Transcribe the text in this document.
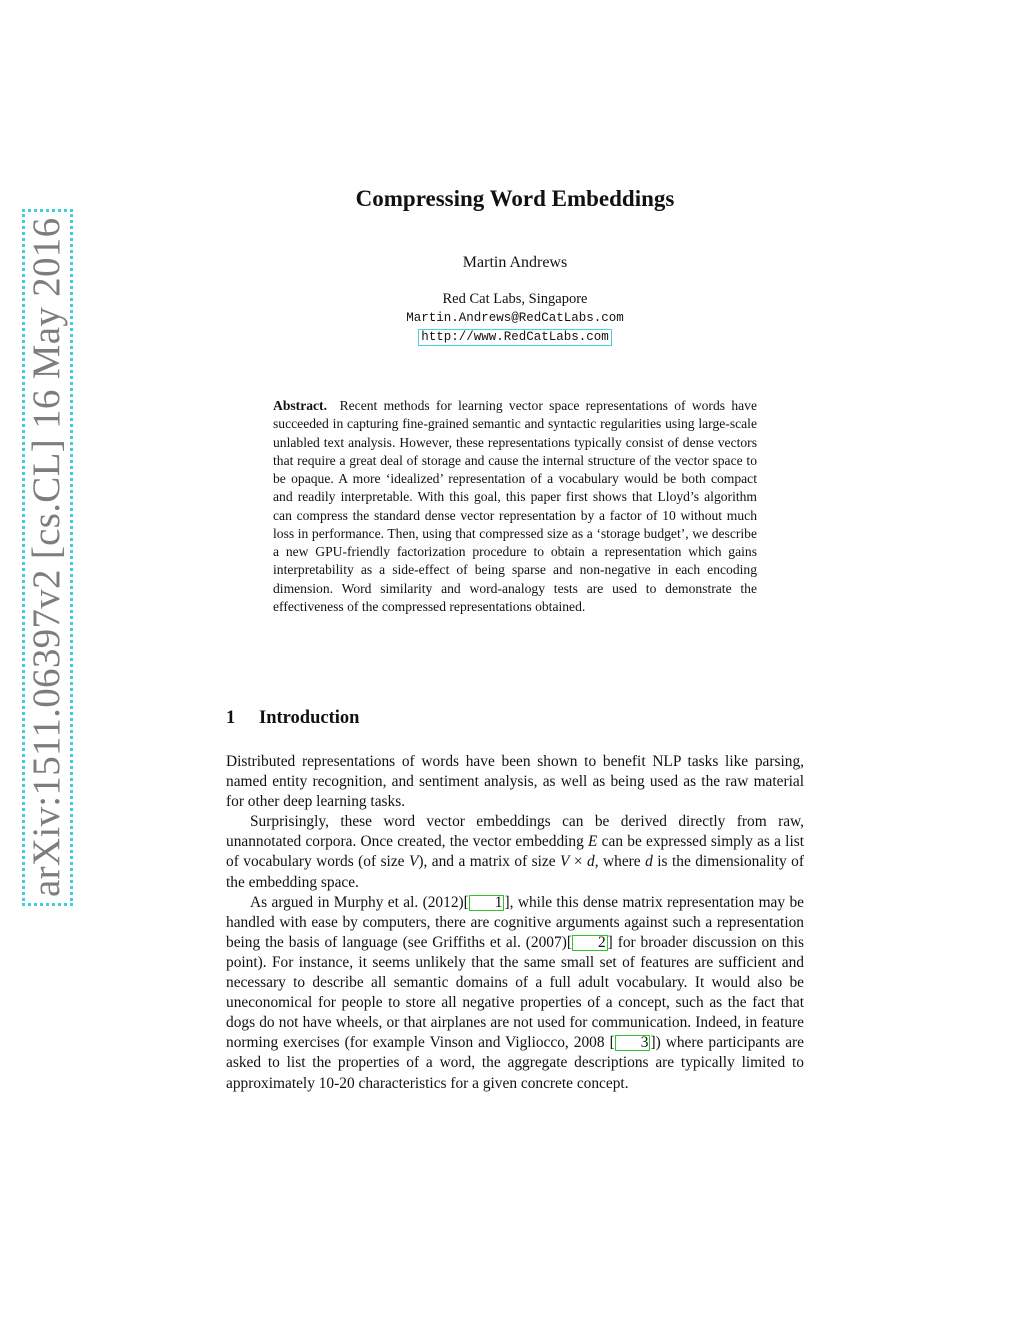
arXiv:1511.06397v2 [cs.CL] 16 May 2016
Compressing Word Embeddings
Martin Andrews
Red Cat Labs, Singapore
Martin.Andrews@RedCatLabs.com
http://www.RedCatLabs.com
Abstract. Recent methods for learning vector space representations of words have succeeded in capturing fine-grained semantic and syntactic regularities using large-scale unlabled text analysis. However, these representations typically consist of dense vectors that require a great deal of storage and cause the internal structure of the vector space to be opaque. A more ‘idealized’ representation of a vocabulary would be both compact and readily interpretable. With this goal, this paper first shows that Lloyd’s algorithm can compress the standard dense vector representation by a factor of 10 without much loss in performance. Then, using that compressed size as a ‘storage budget’, we describe a new GPU-friendly factorization procedure to obtain a representation which gains interpretability as a side-effect of being sparse and non-negative in each encoding dimension. Word similarity and word-analogy tests are used to demonstrate the effectiveness of the compressed representations obtained.
1 Introduction

Distributed representations of words have been shown to benefit NLP tasks like parsing, named entity recognition, and sentiment analysis, as well as being used as the raw material for other deep learning tasks.

Surprisingly, these word vector embeddings can be derived directly from raw, unannotated corpora. Once created, the vector embedding E can be expressed simply as a list of vocabulary words (of size V), and a matrix of size V × d, where d is the dimensionality of the embedding space.

As argued in Murphy et al. (2012)[ 1 ], while this dense matrix representation may be handled with ease by computers, there are cognitive arguments against such a representation being the basis of language (see Griffiths et al. (2007)[ 2 ] for broader discussion on this point). For instance, it seems unlikely that the same small set of features are sufficient and necessary to describe all semantic domains of a full adult vocabulary. It would also be uneconomical for people to store all negative properties of a concept, such as the fact that dogs do not have wheels, or that airplanes are not used for communication. Indeed, in feature norming exercises (for example Vinson and Vigliocco, 2008 [ 3 ]) where participants are asked to list the properties of a word, the aggregate descriptions are typically limited to approximately 10-20 characteristics for a given concrete concept.
